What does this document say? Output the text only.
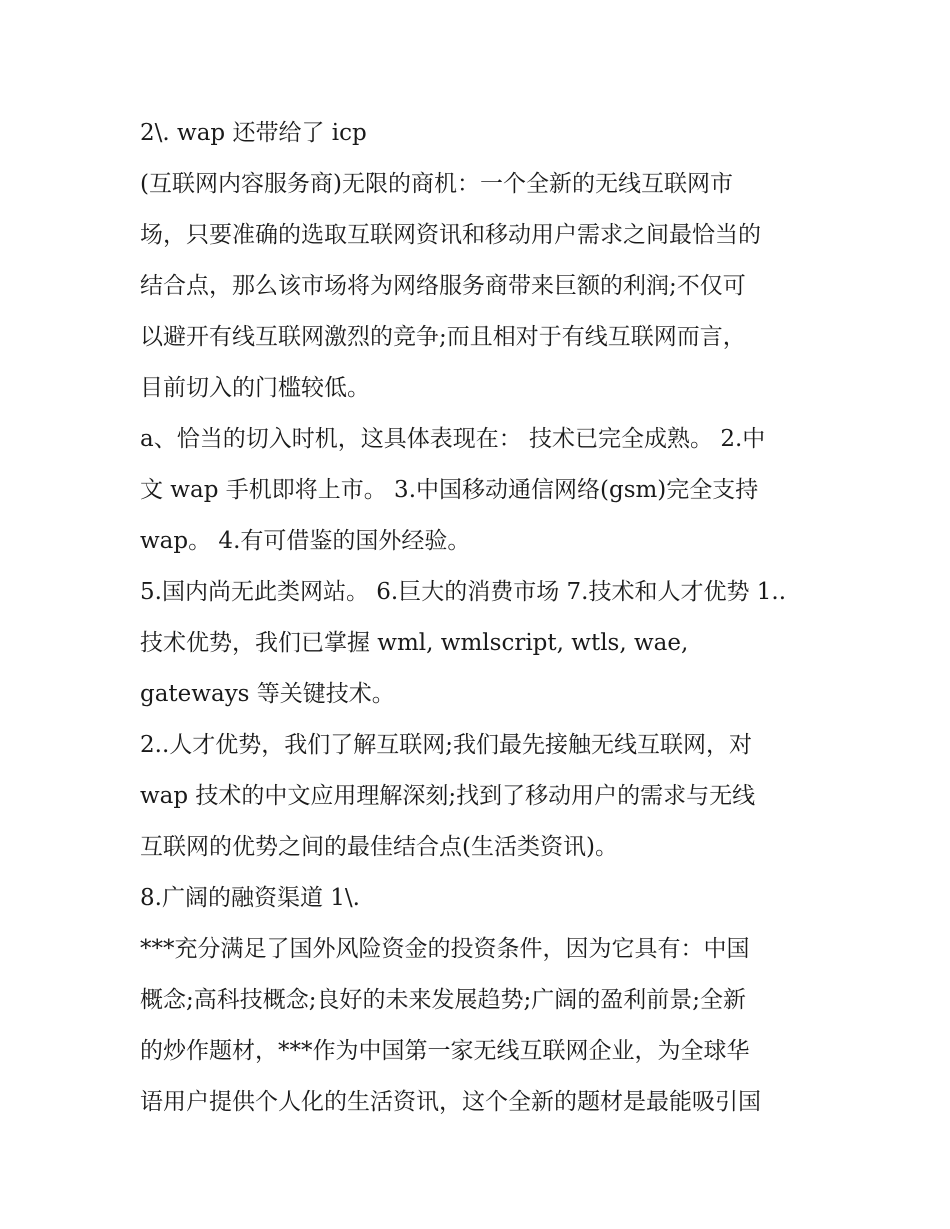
2\. wap 还带给了 icp
(互联网内容服务商)无限的商机：一个全新的无线互联网市
场，只要准确的选取互联网资讯和移动用户需求之间最恰当的
结合点，那么该市场将为网络服务商带来巨额的利润;不仅可
以避开有线互联网激烈的竞争;而且相对于有线互联网而言，
目前切入的门槛较低。
a、恰当的切入时机，这具体表现在： 技术已完全成熟。 2.中
文 wap 手机即将上市。 3.中国移动通信网络(gsm)完全支持
wap。 4.有可借鉴的国外经验。
5.国内尚无此类网站。 6.巨大的消费市场 7.技术和人才优势 1..
技术优势，我们已掌握 wml, wmlscript, wtls, wae,
gateways 等关键技术。
2..人才优势，我们了解互联网;我们最先接触无线互联网，对
wap 技术的中文应用理解深刻;找到了移动用户的需求与无线
互联网的优势之间的最佳结合点(生活类资讯)。
8.广阔的融资渠道 1\.
***充分满足了国外风险资金的投资条件，因为它具有：中国
概念;高科技概念;良好的未来发展趋势;广阔的盈利前景;全新
的炒作题材，***作为中国第一家无线互联网企业，为全球华
语用户提供个人化的生活资讯，这个全新的题材是最能吸引国
